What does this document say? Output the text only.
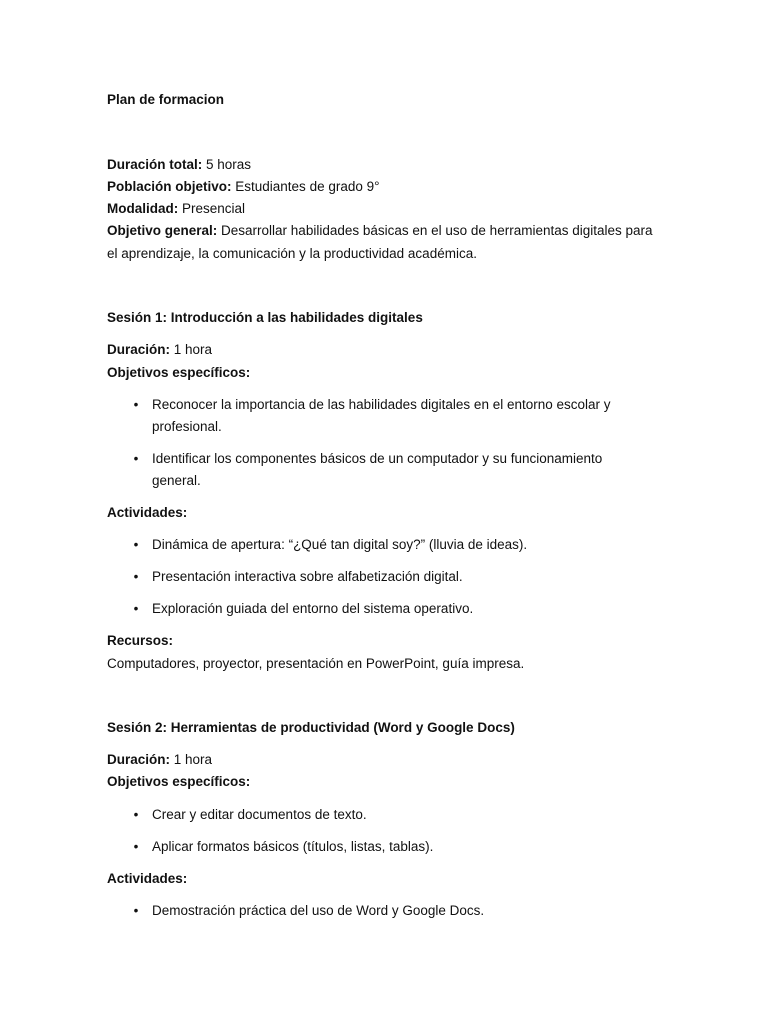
Plan de formacion
Duración total: 5 horas
Población objetivo: Estudiantes de grado 9°
Modalidad: Presencial
Objetivo general: Desarrollar habilidades básicas en el uso de herramientas digitales para
el aprendizaje, la comunicación y la productividad académica.
Sesión 1: Introducción a las habilidades digitales
Duración: 1 hora
Objetivos específicos:
• Reconocer la importancia de las habilidades digitales en el entorno escolar y
profesional.
• Identificar los componentes básicos de un computador y su funcionamiento
general.
Actividades:
• Dinámica de apertura: “¿Qué tan digital soy?” (lluvia de ideas).
• Presentación interactiva sobre alfabetización digital.
• Exploración guiada del entorno del sistema operativo.
Recursos:
Computadores, proyector, presentación en PowerPoint, guía impresa.
Sesión 2: Herramientas de productividad (Word y Google Docs)
Duración: 1 hora
Objetivos específicos:
• Crear y editar documentos de texto.
• Aplicar formatos básicos (títulos, listas, tablas).
Actividades:
• Demostración práctica del uso de Word y Google Docs.
